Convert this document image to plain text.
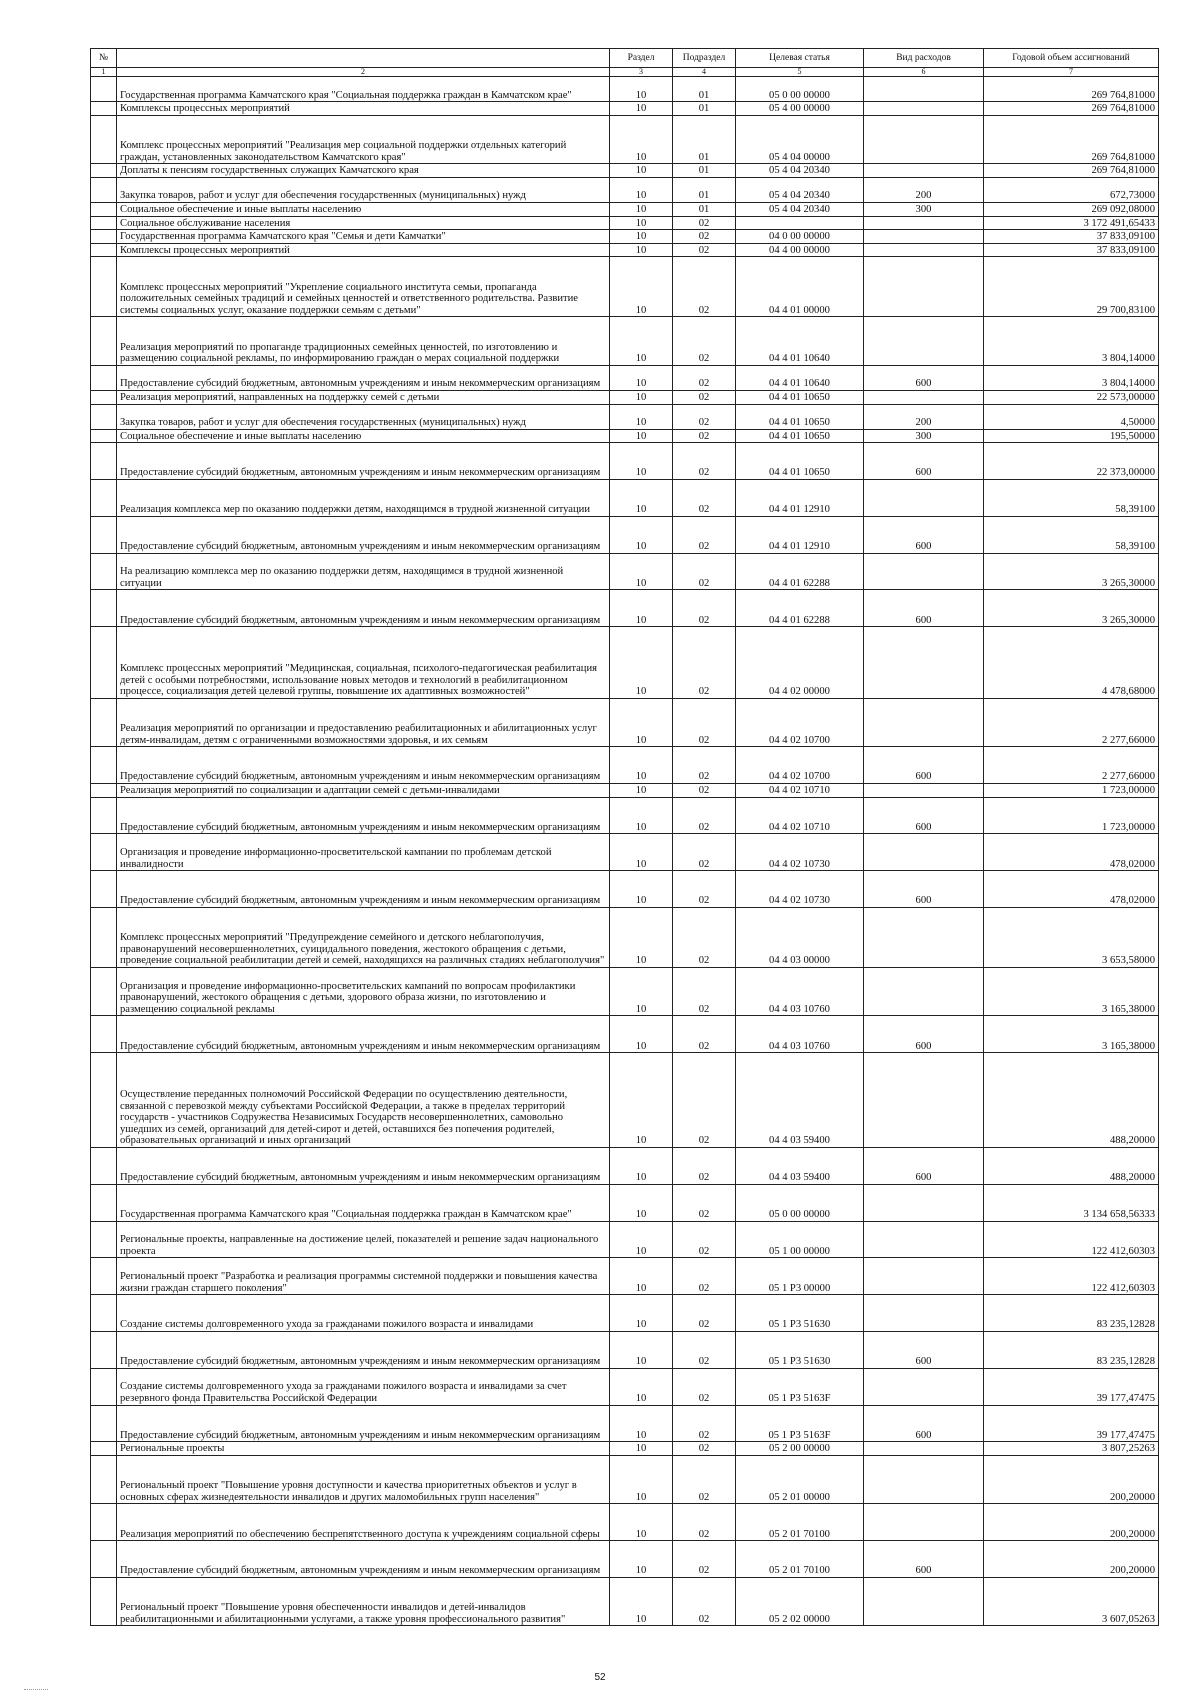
№		Раздел	Подраздел	Целевая статья	Вид расходов	Годовой объем ассигнований
1	2	3	4	5	6	7
	Государственная программа Камчатского края "Социальная поддержка граждан в Камчатском крае"	10	01	05 0 00 00000		269 764,81000
	Комплексы процессных мероприятий	10	01	05 4 00 00000		269 764,81000
	Комплекс процессных мероприятий "Реализация мер социальной поддержки отдельных категорий граждан, установленных законодательством Камчатского края"	10	01	05 4 04 00000		269 764,81000
	Доплаты к пенсиям государственных служащих Камчатского края	10	01	05 4 04 20340		269 764,81000
	Закупка товаров, работ и услуг для обеспечения государственных (муниципальных) нужд	10	01	05 4 04 20340	200	672,73000
	Социальное обеспечение и иные выплаты населению	10	01	05 4 04 20340	300	269 092,08000
	Социальное обслуживание населения	10	02			3 172 491,65433
	Государственная программа Камчатского края "Семья и дети Камчатки"	10	02	04 0 00 00000		37 833,09100
	Комплексы процессных мероприятий	10	02	04 4 00 00000		37 833,09100
	Комплекс процессных мероприятий "Укрепление социального института семьи, пропаганда положительных семейных традиций и семейных ценностей и ответственного родительства. Развитие системы социальных услуг, оказание поддержки семьям с детьми"	10	02	04 4 01 00000		29 700,83100
	Реализация мероприятий по пропаганде традиционных семейных ценностей, по изготовлению и размещению социальной рекламы, по информированию граждан о мерах социальной поддержки	10	02	04 4 01 10640		3 804,14000
	Предоставление субсидий бюджетным, автономным учреждениям и иным некоммерческим организациям	10	02	04 4 01 10640	600	3 804,14000
	Реализация мероприятий, направленных на поддержку семей с детьми	10	02	04 4 01 10650		22 573,00000
	Закупка товаров, работ и услуг для обеспечения государственных (муниципальных) нужд	10	02	04 4 01 10650	200	4,50000
	Социальное обеспечение и иные выплаты населению	10	02	04 4 01 10650	300	195,50000
	Предоставление субсидий бюджетным, автономным учреждениям и иным некоммерческим организациям	10	02	04 4 01 10650	600	22 373,00000
	Реализация комплекса мер по оказанию поддержки детям, находящимся в трудной жизненной ситуации	10	02	04 4 01 12910		58,39100
	Предоставление субсидий бюджетным, автономным учреждениям и иным некоммерческим организациям	10	02	04 4 01 12910	600	58,39100
	На реализацию комплекса мер по оказанию поддержки детям, находящимся в трудной жизненной ситуации	10	02	04 4 01 62288		3 265,30000
	Предоставление субсидий бюджетным, автономным учреждениям и иным некоммерческим организациям	10	02	04 4 01 62288	600	3 265,30000
	Комплекс процессных мероприятий "Медицинская, социальная, психолого-педагогическая реабилитация детей с особыми потребностями, использование новых методов и технологий в реабилитационном процессе, социализация детей целевой группы, повышение их адаптивных возможностей"	10	02	04 4 02 00000		4 478,68000
	Реализация мероприятий по организации и предоставлению реабилитационных и абилитационных услуг детям-инвалидам, детям с ограниченными возможностями здоровья, и их семьям	10	02	04 4 02 10700		2 277,66000
	Предоставление субсидий бюджетным, автономным учреждениям и иным некоммерческим организациям	10	02	04 4 02 10700	600	2 277,66000
	Реализация мероприятий по социализации и адаптации семей с детьми-инвалидами	10	02	04 4 02 10710		1 723,00000
	Предоставление субсидий бюджетным, автономным учреждениям и иным некоммерческим организациям	10	02	04 4 02 10710	600	1 723,00000
	Организация и проведение информационно-просветительской кампании по проблемам детской инвалидности	10	02	04 4 02 10730		478,02000
	Предоставление субсидий бюджетным, автономным учреждениям и иным некоммерческим организациям	10	02	04 4 02 10730	600	478,02000
	Комплекс процессных мероприятий "Предупреждение семейного и детского неблагополучия, правонарушений несовершеннолетних, суицидального поведения, жестокого обращения с детьми, проведение социальной реабилитации детей и семей, находящихся на различных стадиях неблагополучия"	10	02	04 4 03 00000		3 653,58000
	Организация и проведение информационно-просветительских кампаний по вопросам профилактики правонарушений, жестокого обращения с детьми, здорового образа жизни, по изготовлению и размещению социальной рекламы	10	02	04 4 03 10760		3 165,38000
	Предоставление субсидий бюджетным, автономным учреждениям и иным некоммерческим организациям	10	02	04 4 03 10760	600	3 165,38000
	Осуществление переданных полномочий Российской Федерации по осуществлению деятельности, связанной с перевозкой между субъектами Российской Федерации, а также в пределах территорий государств - участников Содружества Независимых Государств несовершеннолетних, самовольно ушедших из семей, организаций для детей-сирот и детей, оставшихся без попечения родителей, образовательных организаций и иных организаций	10	02	04 4 03 59400		488,20000
	Предоставление субсидий бюджетным, автономным учреждениям и иным некоммерческим организациям	10	02	04 4 03 59400	600	488,20000
	Государственная программа Камчатского края "Социальная поддержка граждан в Камчатском крае"	10	02	05 0 00 00000		3 134 658,56333
	Региональные проекты, направленные на достижение целей, показателей и решение задач национального проекта	10	02	05 1 00 00000		122 412,60303
	Региональный проект "Разработка и реализация программы системной поддержки и повышения качества жизни граждан старшего поколения"	10	02	05 1 P3 00000		122 412,60303
	Создание системы долговременного ухода за гражданами пожилого возраста и инвалидами	10	02	05 1 P3 51630		83 235,12828
	Предоставление субсидий бюджетным, автономным учреждениям и иным некоммерческим организациям	10	02	05 1 P3 51630	600	83 235,12828
	Создание системы долговременного ухода за гражданами пожилого возраста и инвалидами за счет резервного фонда Правительства Российской Федерации	10	02	05 1 P3 5163F		39 177,47475
	Предоставление субсидий бюджетным, автономным учреждениям и иным некоммерческим организациям	10	02	05 1 P3 5163F	600	39 177,47475
	Региональные проекты	10	02	05 2 00 00000		3 807,25263
	Региональный проект "Повышение уровня доступности и качества приоритетных объектов и услуг в основных сферах жизнедеятельности инвалидов и других маломобильных групп населения"	10	02	05 2 01 00000		200,20000
	Реализация мероприятий по обеспечению беспрепятственного доступа к учреждениям социальной сферы	10	02	05 2 01 70100		200,20000
	Предоставление субсидий бюджетным, автономным учреждениям и иным некоммерческим организациям	10	02	05 2 01 70100	600	200,20000
	Региональный проект "Повышение уровня обеспеченности инвалидов и детей-инвалидов реабилитационными и абилитационными услугами, а также уровня профессионального развития"	10	02	05 2 02 00000		3 607,05263
52
